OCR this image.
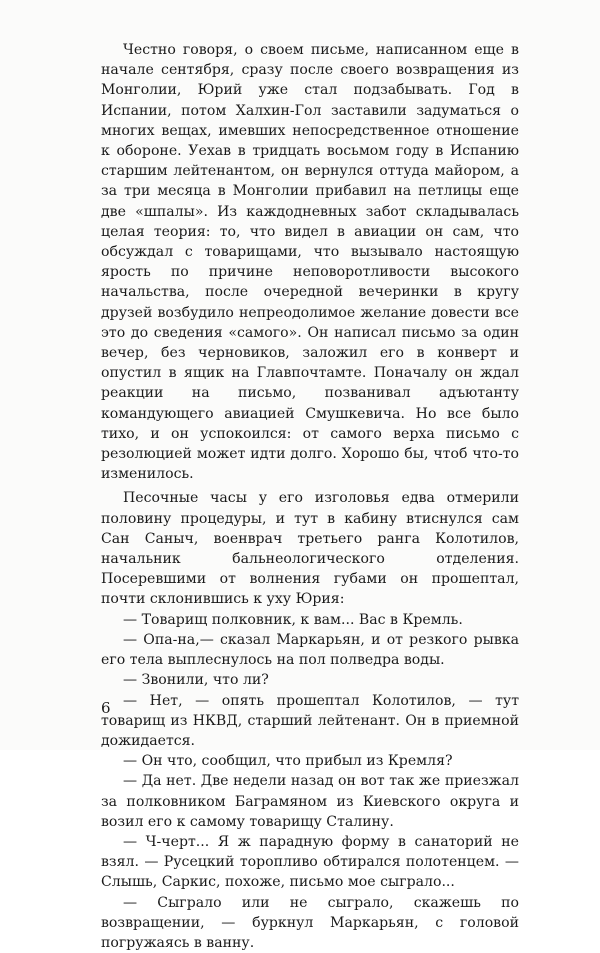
Честно говоря, о своем письме, написанном еще в начале сентября, сразу после своего возвращения из Монголии, Юрий уже стал подзабывать. Год в Испании, потом Халхин-Гол заставили задуматься о многих вещах, имевших непосредственное отношение к обороне. Уехав в тридцать восьмом году в Испанию старшим лейтенантом, он вернулся оттуда майором, а за три месяца в Монголии прибавил на петлицы еще две «шпалы». Из каждодневных забот складывалась целая теория: то, что видел в авиации он сам, что обсуждал с товарищами, что вызывало настоящую ярость по причине неповоротливости высокого начальства, после очередной вечеринки в кругу друзей возбудило непреодолимое желание довести все это до сведения «самого». Он написал письмо за один вечер, без черновиков, заложил его в конверт и опустил в ящик на Главпочтамте. Поначалу он ждал реакции на письмо, позванивал адъютанту командующего авиацией Смушкевича. Но все было тихо, и он успокоился: от самого верха письмо с резолюцией может идти долго. Хорошо бы, чтоб что-то изменилось.

Песочные часы у его изголовья едва отмерили половину процедуры, и тут в кабину втиснулся сам Сан Саныч, военврач третьего ранга Колотилов, начальник бальнеологического отделения. Посеревшими от волнения губами он прошептал, почти склонившись к уху Юрия:

— Товарищ полковник, к вам... Вас в Кремль.

— Опа-на,— сказал Маркарьян, и от резкого рывка его тела выплеснулось на пол полведра воды.

— Звонили, что ли?

— Нет, — опять прошептал Колотилов, — тут товарищ из НКВД, старший лейтенант. Он в приемной дожидается.

— Он что, сообщил, что прибыл из Кремля?

— Да нет. Две недели назад он вот так же приезжал за полковником Баграмяном из Киевского округа и возил его к самому товарищу Сталину.

— Ч-черт... Я ж парадную форму в санаторий не взял. — Русецкий торопливо обтирался полотенцем. — Слышь, Саркис, похоже, письмо мое сыграло...

— Сыграло или не сыграло, скажешь по возвращении, — буркнул Маркарьян, с головой погружаясь в ванну.

6
